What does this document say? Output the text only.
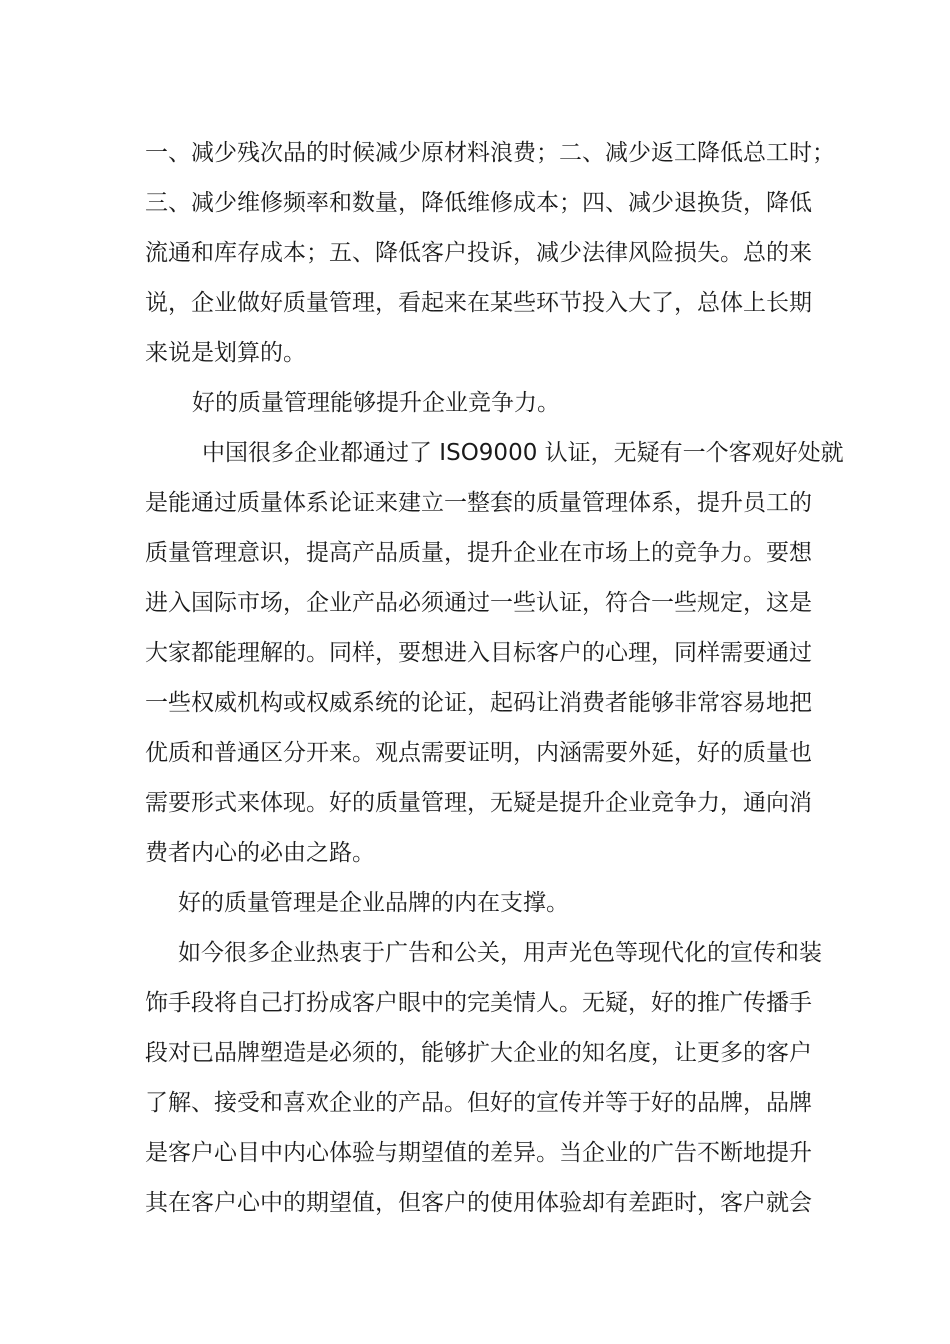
一、减少残次品的时候减少原材料浪费；二、减少返工降低总工时；
三、减少维修频率和数量，降低维修成本；四、减少退换货，降低
流通和库存成本；五、降低客户投诉，减少法律风险损失。总的来
说，企业做好质量管理，看起来在某些环节投入大了，总体上长期
来说是划算的。
好的质量管理能够提升企业竞争力。
中国很多企业都通过了 ISO9000 认证，无疑有一个客观好处就
是能通过质量体系论证来建立一整套的质量管理体系，提升员工的
质量管理意识，提高产品质量，提升企业在市场上的竞争力。要想
进入国际市场，企业产品必须通过一些认证，符合一些规定，这是
大家都能理解的。同样，要想进入目标客户的心理，同样需要通过
一些权威机构或权威系统的论证，起码让消费者能够非常容易地把
优质和普通区分开来。观点需要证明，内涵需要外延，好的质量也
需要形式来体现。好的质量管理，无疑是提升企业竞争力，通向消
费者内心的必由之路。
好的质量管理是企业品牌的内在支撑。
如今很多企业热衷于广告和公关，用声光色等现代化的宣传和装
饰手段将自己打扮成客户眼中的完美情人。无疑，好的推广传播手
段对已品牌塑造是必须的，能够扩大企业的知名度，让更多的客户
了解、接受和喜欢企业的产品。但好的宣传并等于好的品牌，品牌
是客户心目中内心体验与期望值的差异。当企业的广告不断地提升
其在客户心中的期望值，但客户的使用体验却有差距时，客户就会
